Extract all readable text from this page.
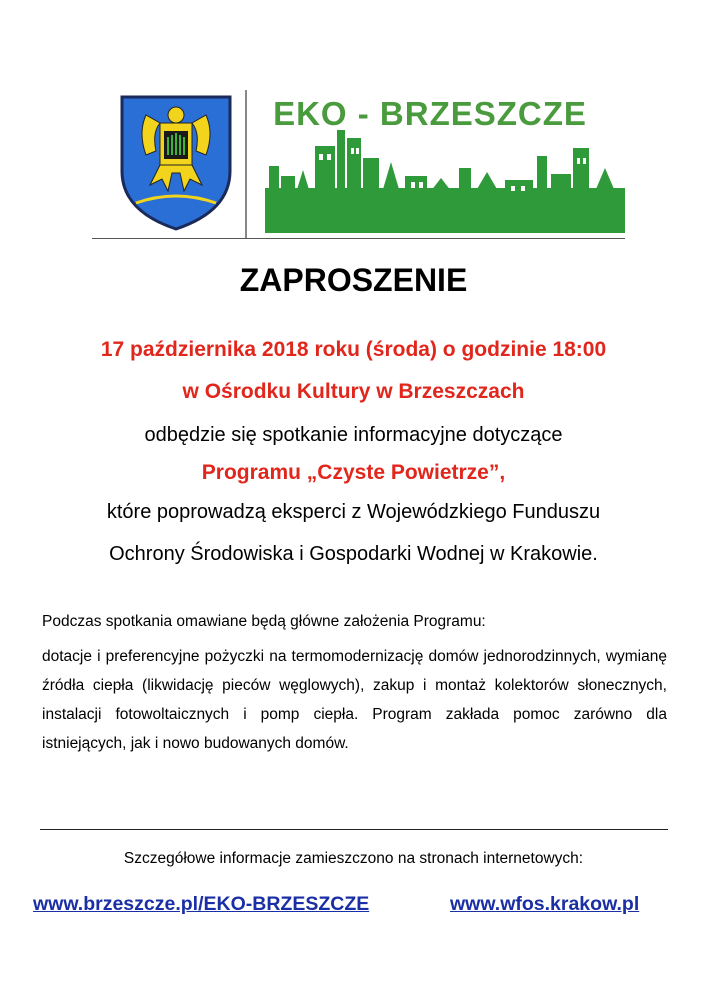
EKO - BRZESZCZE
ZAPROSZENIE
17 października 2018 roku (środa) o godzinie 18:00
w Ośrodku Kultury w Brzeszczach
odbędzie się spotkanie informacyjne dotyczące
Programu „Czyste Powietrze”,
które poprowadzą eksperci z Wojewódzkiego Funduszu
Ochrony Środowiska i Gospodarki Wodnej w Krakowie.
Podczas spotkania omawiane będą główne założenia Programu:
dotacje i preferencyjne pożyczki na termomodernizację domów jednorodzinnych, wymianę źródła ciepła (likwidację pieców węglowych), zakup i montaż kolektorów słonecznych, instalacji fotowoltaicznych i pomp ciepła. Program zakłada pomoc zarówno dla istniejących, jak i nowo budowanych domów.
Szczegółowe informacje zamieszczono na stronach internetowych:
www.brzeszcze.pl/EKO-BRZESZCZE	www.wfos.krakow.pl
